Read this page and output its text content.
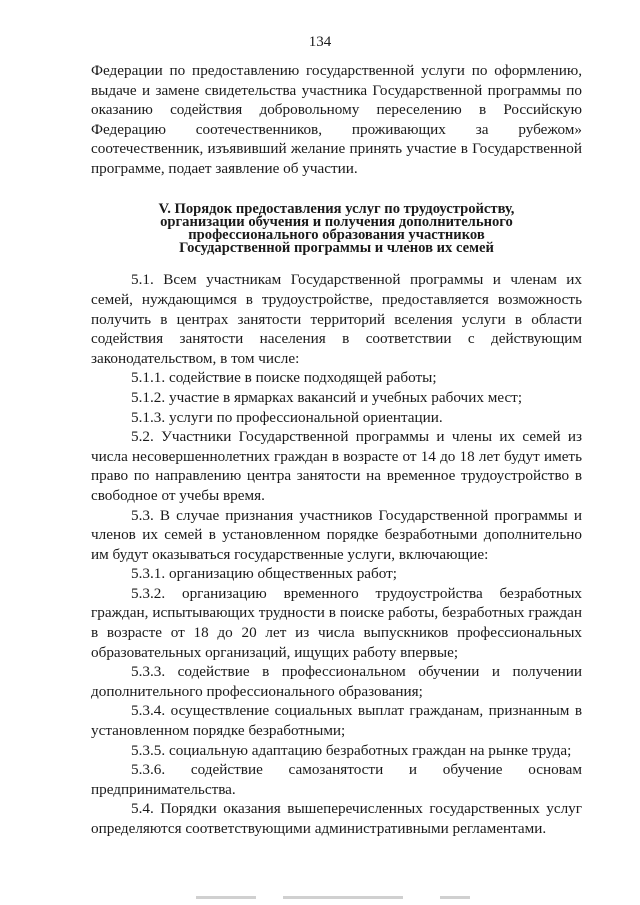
134

Федерации по предоставлению государственной услуги по оформлению, выдаче и замене свидетельства участника Государственной программы по оказанию содействия добровольному переселению в Российскую Федерацию соотечественников, проживающих за рубежом» соотечественник, изъявивший желание принять участие в Государственной программе, подает заявление об участии.

V. Порядок предоставления услуг по трудоустройству,
организации обучения и получения дополнительного
профессионального образования участников
Государственной программы и членов их семей

5.1. Всем участникам Государственной программы и членам их семей, нуждающимся в трудоустройстве, предоставляется возможность получить в центрах занятости территорий вселения услуги в области содействия занятости населения в соответствии с действующим законодательством, в том числе:

5.1.1. содействие в поиске подходящей работы;

5.1.2. участие в ярмарках вакансий и учебных рабочих мест;

5.1.3. услуги по профессиональной ориентации.

5.2. Участники Государственной программы и члены их семей из числа несовершеннолетних граждан в возрасте от 14 до 18 лет будут иметь право по направлению центра занятости на временное трудоустройство в свободное от учебы время.

5.3. В случае признания участников Государственной программы и членов их семей в установленном порядке безработными дополнительно им будут оказываться государственные услуги, включающие:

5.3.1. организацию общественных работ;

5.3.2. организацию временного трудоустройства безработных граждан, испытывающих трудности в поиске работы, безработных граждан в возрасте от 18 до 20 лет из числа выпускников профессиональных образовательных организаций, ищущих работу впервые;

5.3.3. содействие в профессиональном обучении и получении дополнительного профессионального образования;

5.3.4. осуществление социальных выплат гражданам, признанным в установленном порядке безработными;

5.3.5. социальную адаптацию безработных граждан на рынке труда;

5.3.6. содействие самозанятости и обучение основам предпринимательства.

5.4. Порядки оказания вышеперечисленных государственных услуг определяются соответствующими административными регламентами.
